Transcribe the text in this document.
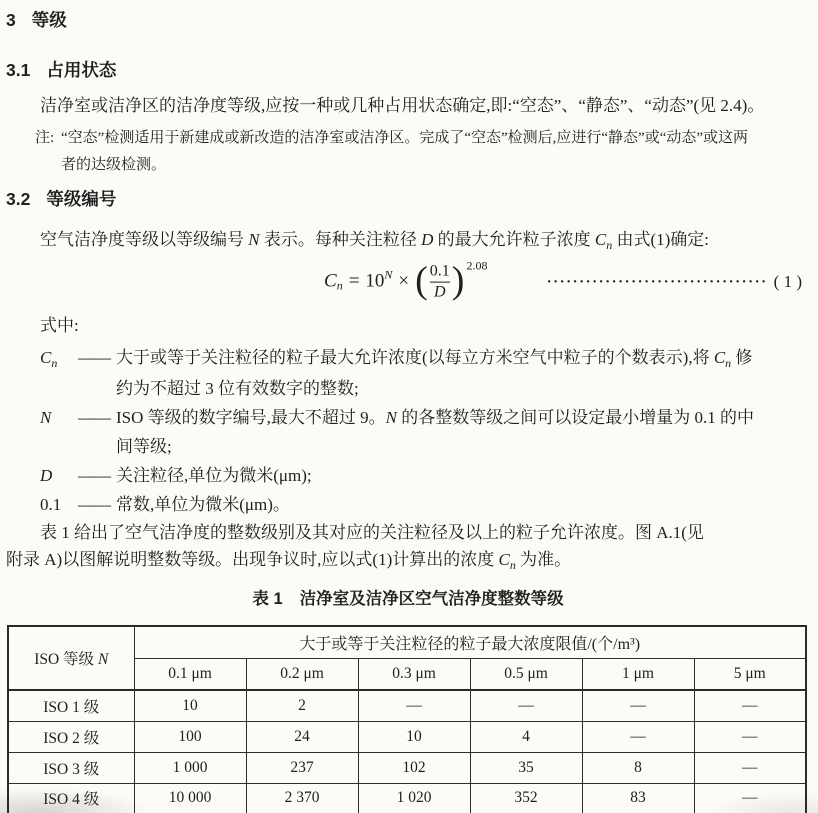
3 等级
3.1 占用状态

洁净室或洁净区的洁净度等级,应按一种或几种占用状态确定,即:“空态”、“静态”、“动态”(见 2.4)。

注: “空态”检测适用于新建成或新改造的洁净室或洁净区。完成了“空态”检测后,应进行“静态”或“动态”或这两 者的达级检测。
3.2 等级编号

空气洁净度等级以等级编号 N 表示。每种关注粒径 D 的最大允许粒子浓度 $C_n$ 由式(1)确定:

$C_n = 10^N$ × ( $\frac{0.1}{D}$ ) 2.08
·································· ( 1 )
式中:
$C_n$	—— 大于或等于关注粒径的粒子最大允许浓度(以每立方米空气中粒子的个数表示),将 $C_n$ 修
约为不超过 3 位有效数字的整数;
N	—— ISO 等级的数字编号,最大不超过 9。N 的各整数等级之间可以设定最小增量为 0.1 的中
间等级;
D	—— 关注粒径,单位为微米(μm);
0.1 —— 常数,单位为微米(μm)。
表 1 给出了空气洁净度的整数级别及其对应的关注粒径及以上的粒子允许浓度。图 A.1(见
附录 A)以图解说明整数等级。出现争议时,应以式(1)计算出的浓度 $C_n$ 为准。
表 1 洁净室及洁净区空气洁净度整数等级
ISO 等级 N	大于或等于关注粒径的粒子最大浓度限值/(个/m³)					
	0.1 μm	0.2 μm	0.3 μm	0.5 μm	1 μm	5 μm
ISO 1 级	10	2	—	—	—	—
ISO 2 级	100	24	10	4	—	—
ISO 3 级	1 000	237	102	35	8	—
ISO 4 级	10 000	2 370	1 020	352	83	—
